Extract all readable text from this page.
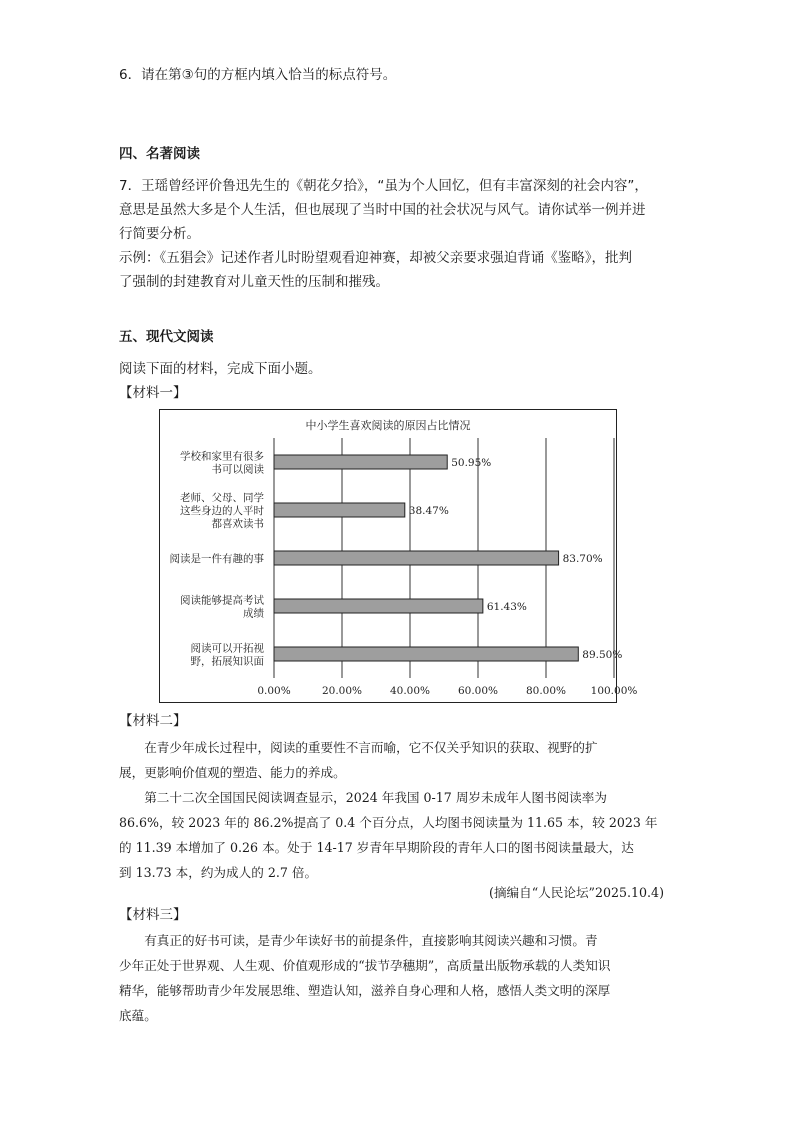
6．请在第③句的方框内填入恰当的标点符号。
四、名著阅读
7．王瑶曾经评价鲁迅先生的《朝花夕拾》，“虽为个人回忆，但有丰富深刻的社会内容”，
意思是虽然大多是个人生活，但也展现了当时中国的社会状况与风气。请你试举一例并进
行简要分析。
示例：《五猖会》记述作者儿时盼望观看迎神赛，却被父亲要求强迫背诵《鉴略》，批判
了强制的封建教育对儿童天性的压制和摧残。
五、现代文阅读
阅读下面的材料，完成下面小题。
【材料一】
中小学生喜欢阅读的原因占比情况
0.00%	20.00%	40.00%	60.00%	80.00% 100.00%
50.95%
学校和家里有很多
书可以阅读
38.47%
老师、父母、同学
这些身边的人平时
都喜欢读书
83.70%
阅读是一件有趣的事
61.43%
阅读能够提高考试
成绩
89.50%
阅读可以开拓视
野，拓展知识面
【材料二】
在青少年成长过程中，阅读的重要性不言而喻，它不仅关乎知识的获取、视野的扩
展，更影响价值观的塑造、能力的养成。
第二十二次全国国民阅读调查显示，2024 年我国 0-17 周岁未成年人图书阅读率为
86.6%，较 2023 年的 86.2%提高了 0.4 个百分点，人均图书阅读量为 11.65 本，较 2023 年
的 11.39 本增加了 0.26 本。处于 14-17 岁青年早期阶段的青年人口的图书阅读量最大，达
到 13.73 本，约为成人的 2.7 倍。
(摘编自“人民论坛”2025.10.4)
【材料三】
有真正的好书可读，是青少年读好书的前提条件，直接影响其阅读兴趣和习惯。青
少年正处于世界观、人生观、价值观形成的“拔节孕穗期”，高质量出版物承载的人类知识
精华，能够帮助青少年发展思维、塑造认知，滋养自身心理和人格，感悟人类文明的深厚
底蕴。
